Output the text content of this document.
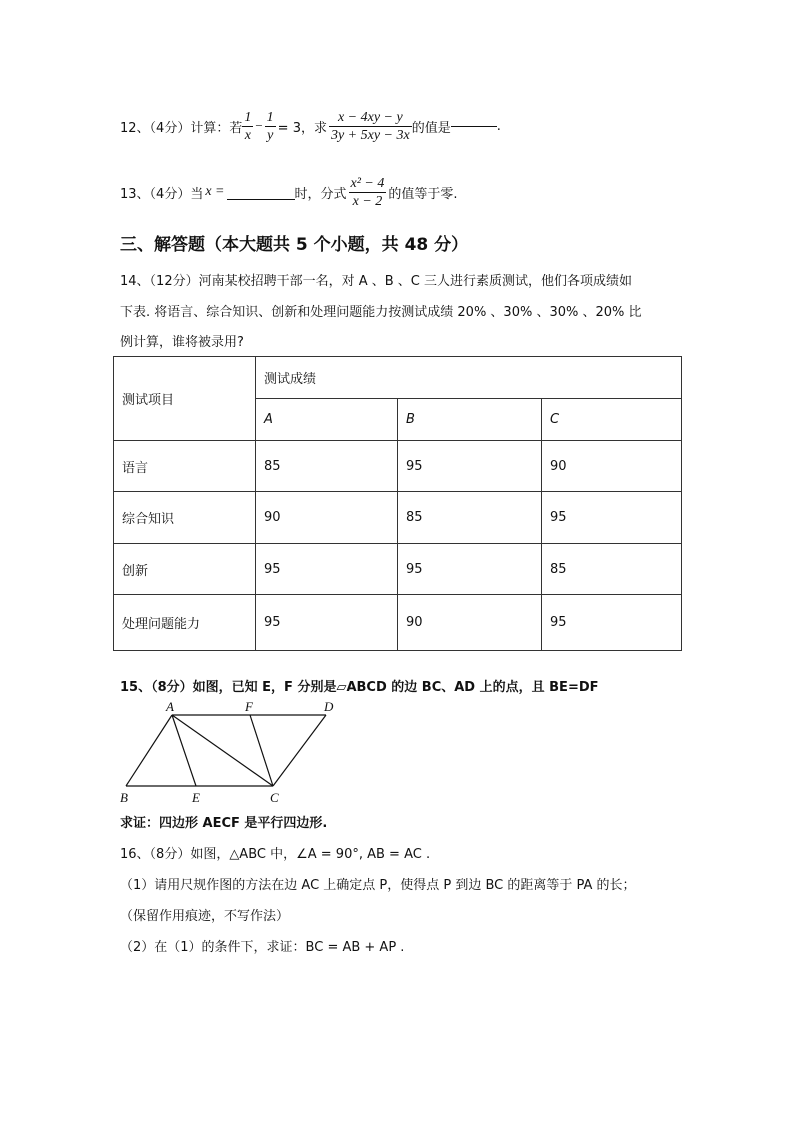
12、（4分）计算：若 $\frac{1}{x} - \frac{1}{y} = 3$，求 $\frac{x - 4xy - y}{3y + 5xy - 3x}$ 的值是	.
13、（4分）当 x =	时，分式 $\frac{\text{x² − 4}}{x - 2}$ 的值等于零.
三、解答题（本大题共 5 个小题，共 48 分）
14、（12分）河南某校招聘干部一名，对 A 、B 、C 三人进行素质测试，他们各项成绩如
下表. 将语言、综合知识、创新和处理问题能力按测试成绩 20% 、30% 、30% 、20% 比
例计算，谁将被录用?
测试项目	测试成绩		
	A	B	C
语言	85	95	90
综合知识	90	85	95
创新	95	95	85
处理问题能力	95	90	95
15、（8分）如图，已知 E，F 分别是▱ABCD 的边 BC、AD 上的点，且 BE=DF
A	F	D
B	E	C
求证：四边形 AECF 是平行四边形.
16、（8分）如图，△ABC 中，∠A = 90°, AB = AC .
（1）请用尺规作图的方法在边 AC 上确定点 P，使得点 P 到边 BC 的距离等于 PA 的长；
（保留作用痕迹，不写作法）
（2）在（1）的条件下，求证：BC = AB + AP .
